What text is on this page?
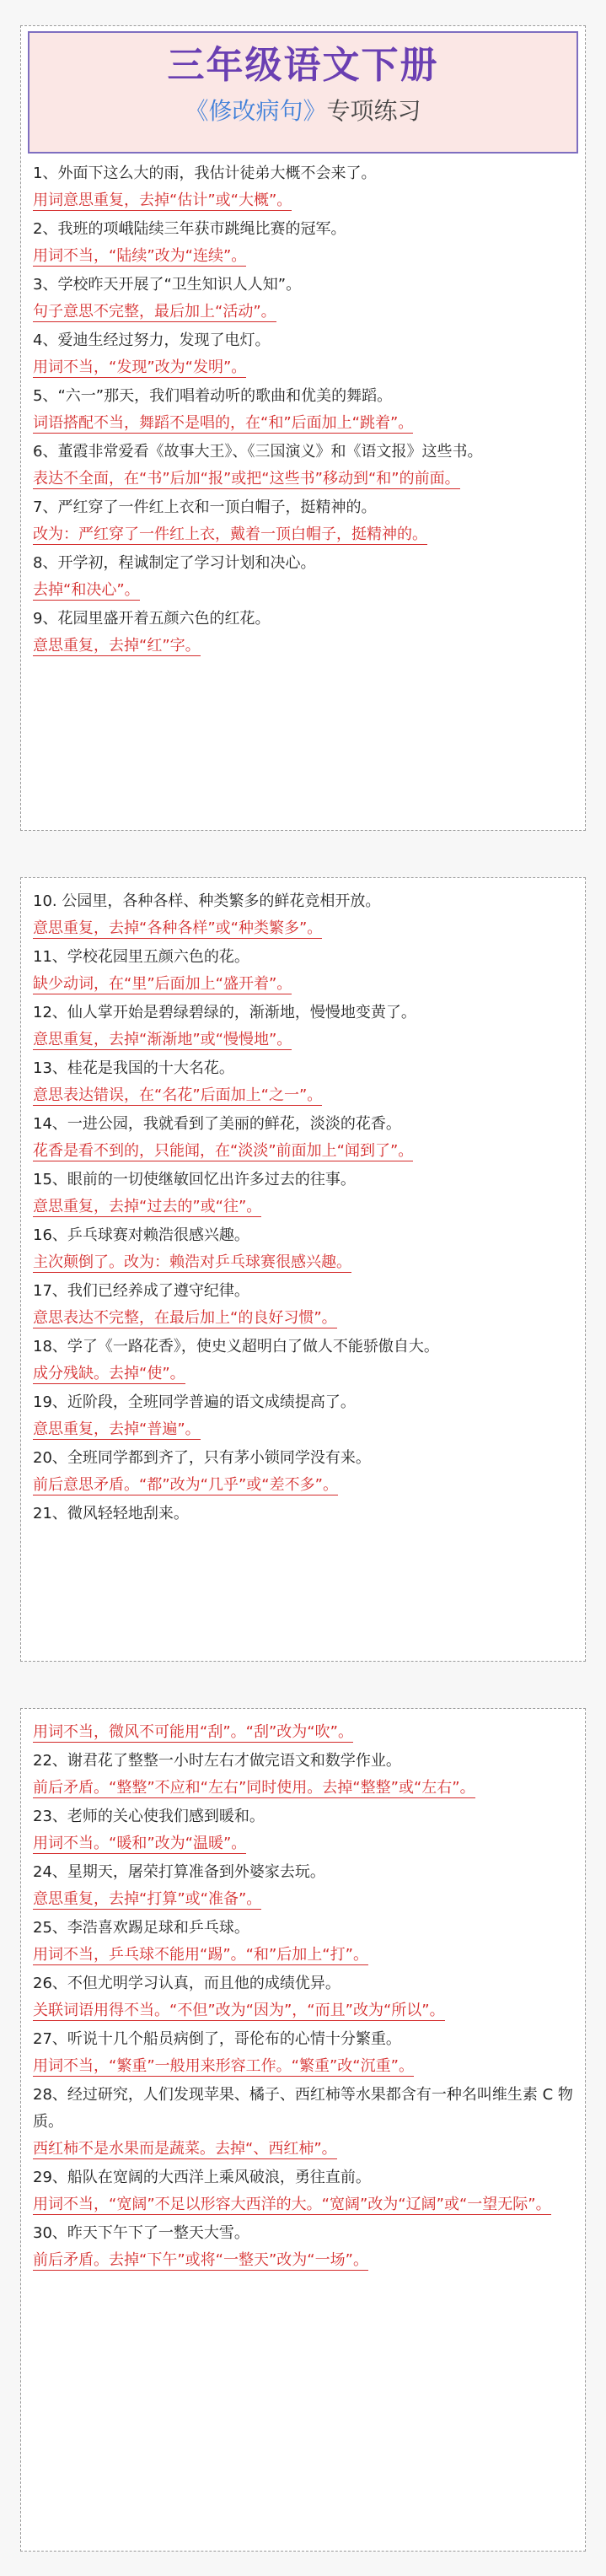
三年级语文下册
《修改病句》专项练习
1、外面下这么大的雨，我估计徒弟大概不会来了。
用词意思重复，去掉“估计”或“大概”。
2、我班的项峨陆续三年获市跳绳比赛的冠军。
用词不当，“陆续”改为“连续”。
3、学校昨天开展了“卫生知识人人知”。
句子意思不完整，最后加上“活动”。
4、爱迪生经过努力，发现了电灯。
用词不当，“发现”改为“发明”。
5、“六一”那天，我们唱着动听的歌曲和优美的舞蹈。
词语搭配不当，舞蹈不是唱的，在“和”后面加上“跳着”。
6、董霞非常爱看《故事大王》、《三国演义》和《语文报》这些书。
表达不全面，在“书”后加“报”或把“这些书”移动到“和”的前面。
7、严红穿了一件红上衣和一顶白帽子，挺精神的。
改为：严红穿了一件红上衣，戴着一顶白帽子，挺精神的。
8、开学初，程诚制定了学习计划和决心。
去掉“和决心”。
9、花园里盛开着五颜六色的红花。
意思重复，去掉“红”字。
10. 公园里，各种各样、种类繁多的鲜花竞相开放。
意思重复，去掉“各种各样”或“种类繁多”。
11、学校花园里五颜六色的花。
缺少动词，在“里”后面加上“盛开着”。
12、仙人掌开始是碧绿碧绿的，渐渐地，慢慢地变黄了。
意思重复，去掉“渐渐地”或“慢慢地”。
13、桂花是我国的十大名花。
意思表达错误，在“名花”后面加上“之一”。
14、一进公园，我就看到了美丽的鲜花，淡淡的花香。
花香是看不到的，只能闻，在“淡淡”前面加上“闻到了”。
15、眼前的一切使继敏回忆出许多过去的往事。
意思重复，去掉“过去的”或“往”。
16、乒乓球赛对赖浩很感兴趣。
主次颠倒了。改为：赖浩对乒乓球赛很感兴趣。
17、我们已经养成了遵守纪律。
意思表达不完整，在最后加上“的良好习惯”。
18、学了《一路花香》，使史义超明白了做人不能骄傲自大。
成分残缺。去掉“使”。
19、近阶段，全班同学普遍的语文成绩提高了。
意思重复，去掉“普遍”。
20、全班同学都到齐了，只有茅小锁同学没有来。
前后意思矛盾。“都”改为“几乎”或“差不多”。
21、微风轻轻地刮来。
用词不当，微风不可能用“刮”。“刮”改为“吹”。
22、谢君花了整整一小时左右才做完语文和数学作业。
前后矛盾。“整整”不应和“左右”同时使用。去掉“整整”或“左右”。
23、老师的关心使我们感到暖和。
用词不当。“暖和”改为“温暖”。
24、星期天，屠荣打算准备到外婆家去玩。
意思重复，去掉“打算”或“准备”。
25、李浩喜欢踢足球和乒乓球。
用词不当，乒乓球不能用“踢”。“和”后加上“打”。
26、不但尤明学习认真，而且他的成绩优异。
关联词语用得不当。“不但”改为“因为”，“而且”改为“所以”。
27、听说十几个船员病倒了，哥伦布的心情十分繁重。
用词不当，“繁重”一般用来形容工作。“繁重”改“沉重”。
28、经过研究，人们发现苹果、橘子、西红柿等水果都含有一种名叫维生素 C 物质。
西红柿不是水果而是蔬菜。去掉“、西红柿”。
29、船队在宽阔的大西洋上乘风破浪，勇往直前。
用词不当，“宽阔”不足以形容大西洋的大。“宽阔”改为“辽阔”或“一望无际”。
30、昨天下午下了一整天大雪。
前后矛盾。去掉“下午”或将“一整天”改为“一场”。
